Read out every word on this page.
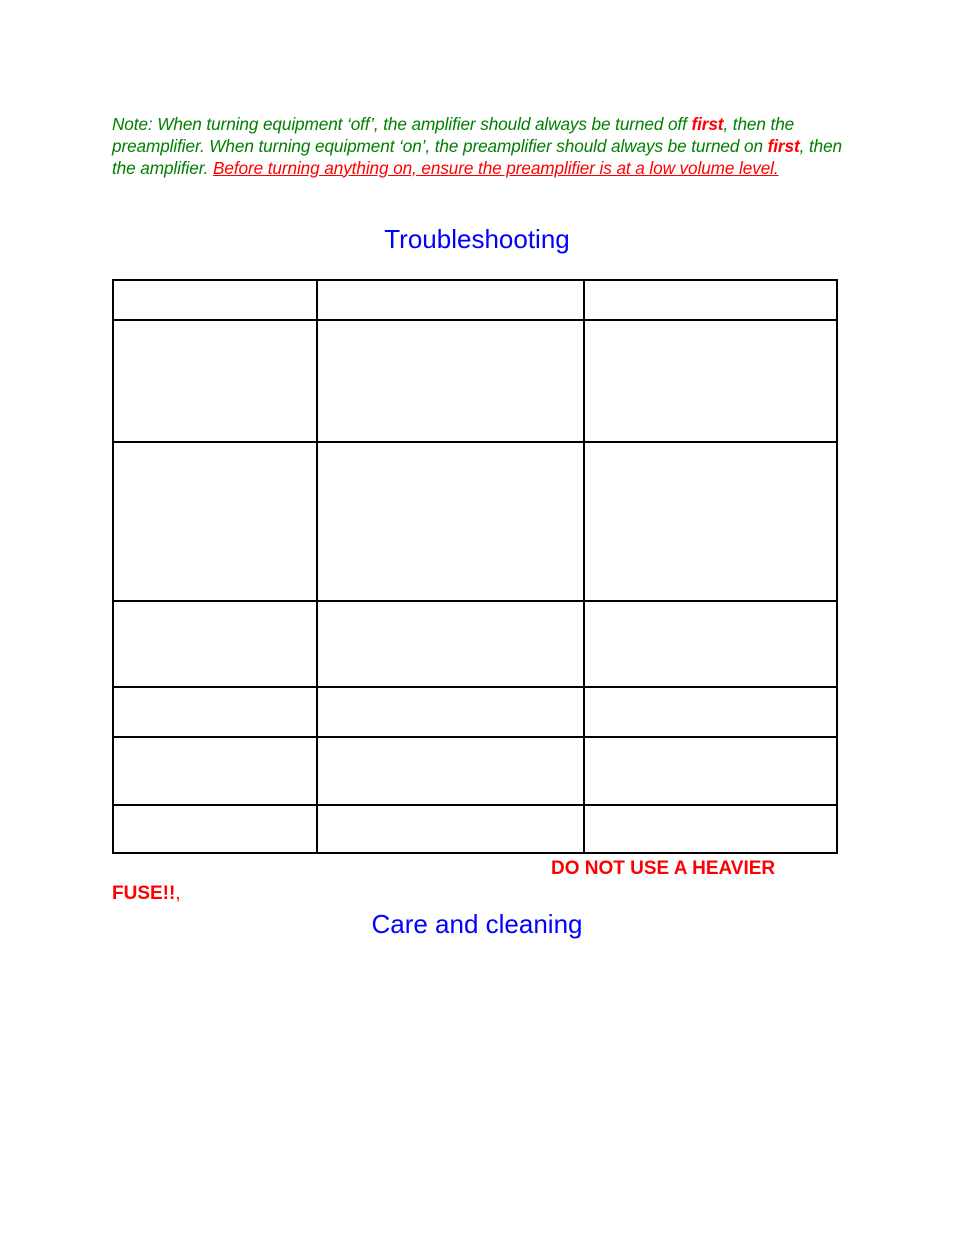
Note: When turning equipment ‘off’, the amplifier should always be turned off first, then the preamplifier. When turning equipment ‘on’, the preamplifier should always be turned on first, then the amplifier. Before turning anything on, ensure the preamplifier is at a low volume level.
Troubleshooting

DO NOT USE A HEAVIER
FUSE!!,
Care and cleaning
